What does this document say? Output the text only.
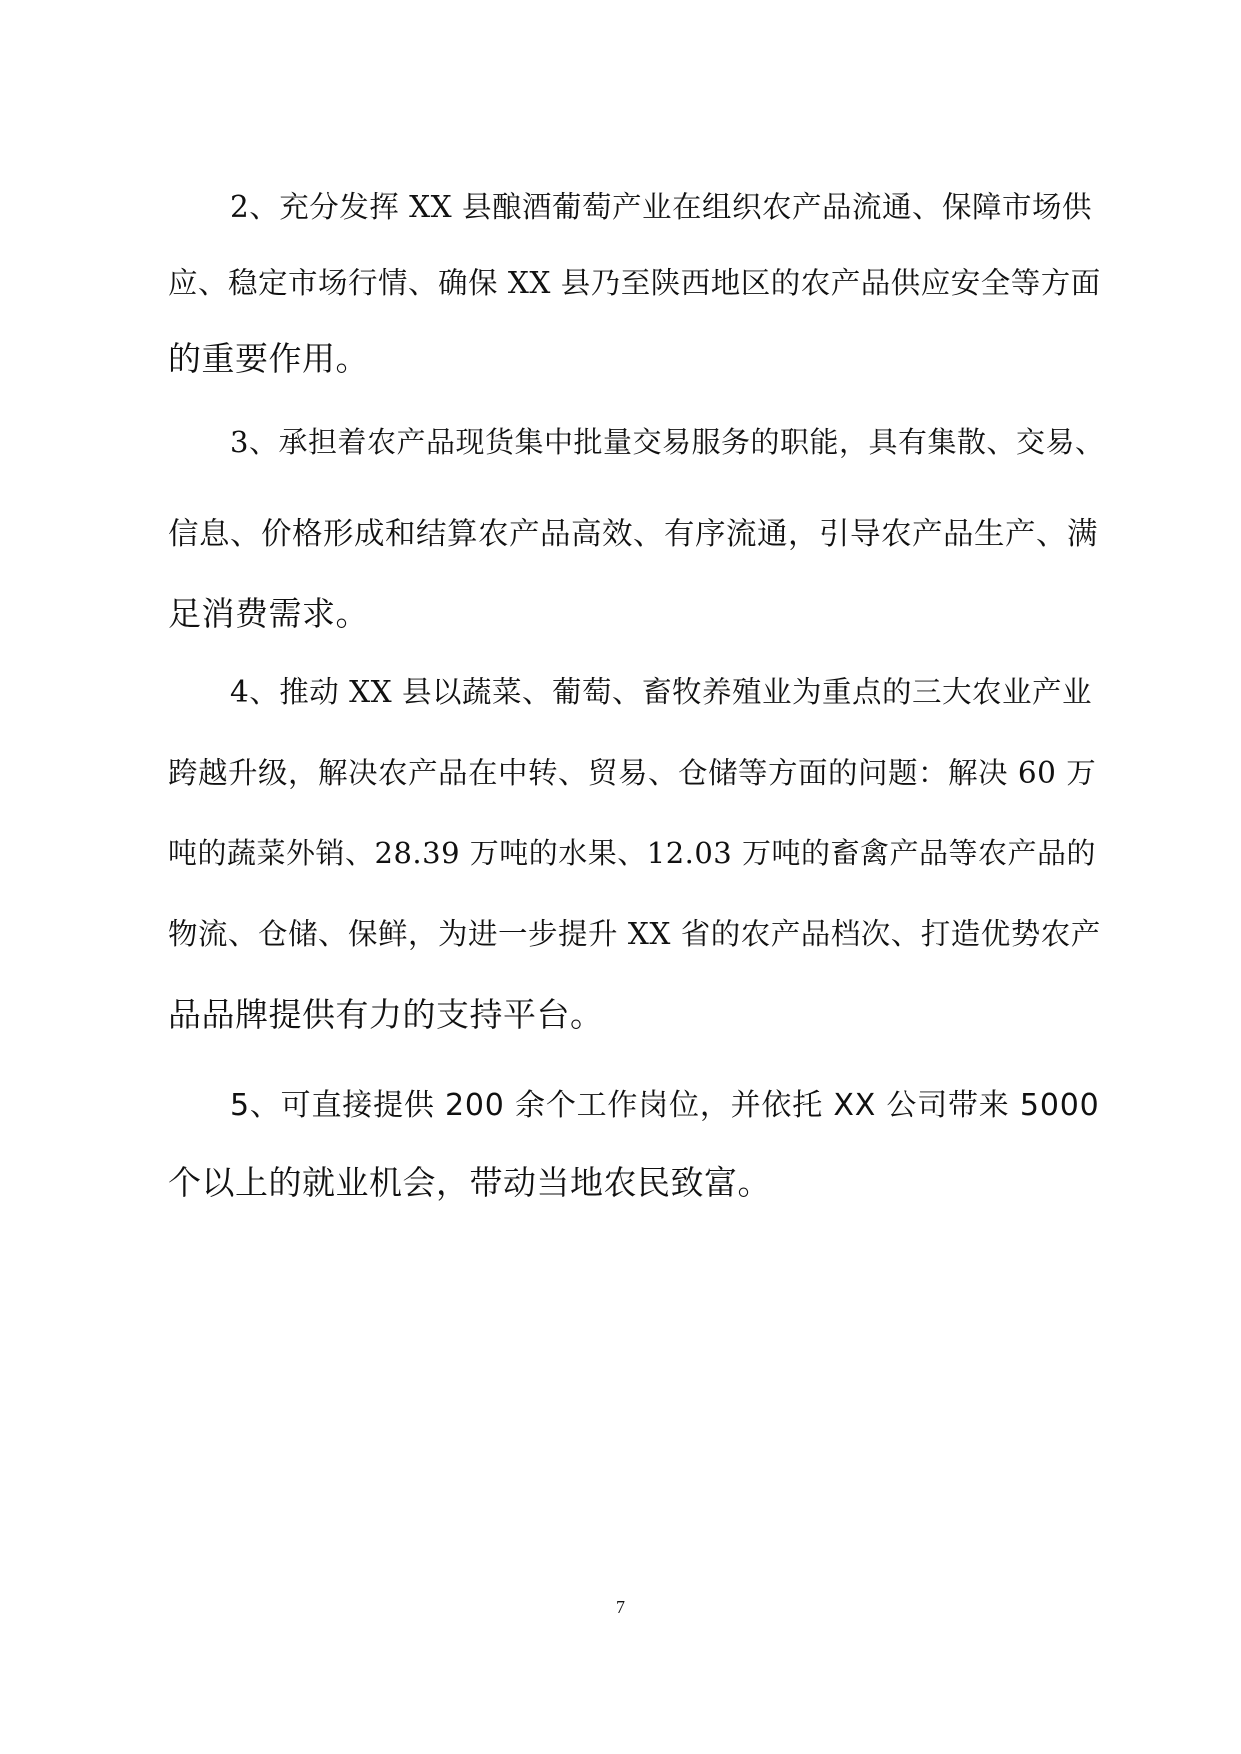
2、充分发挥 XX 县酿酒葡萄产业在组织农产品流通、保障市场供
应、稳定市场行情、确保 XX 县乃至陕西地区的农产品供应安全等方面
的重要作用。
3、承担着农产品现货集中批量交易服务的职能，具有集散、交易、
信息、价格形成和结算农产品高效、有序流通，引导农产品生产、满
足消费需求。
4、推动 XX 县以蔬菜、葡萄、畜牧养殖业为重点的三大农业产业
跨越升级，解决农产品在中转、贸易、仓储等方面的问题：解决 60 万
吨的蔬菜外销、28.39 万吨的水果、12.03 万吨的畜禽产品等农产品的
物流、仓储、保鲜，为进一步提升 XX 省的农产品档次、打造优势农产
品品牌提供有力的支持平台。
5、可直接提供 200 余个工作岗位，并依托 XX 公司带来 5000
个以上的就业机会，带动当地农民致富。
7
